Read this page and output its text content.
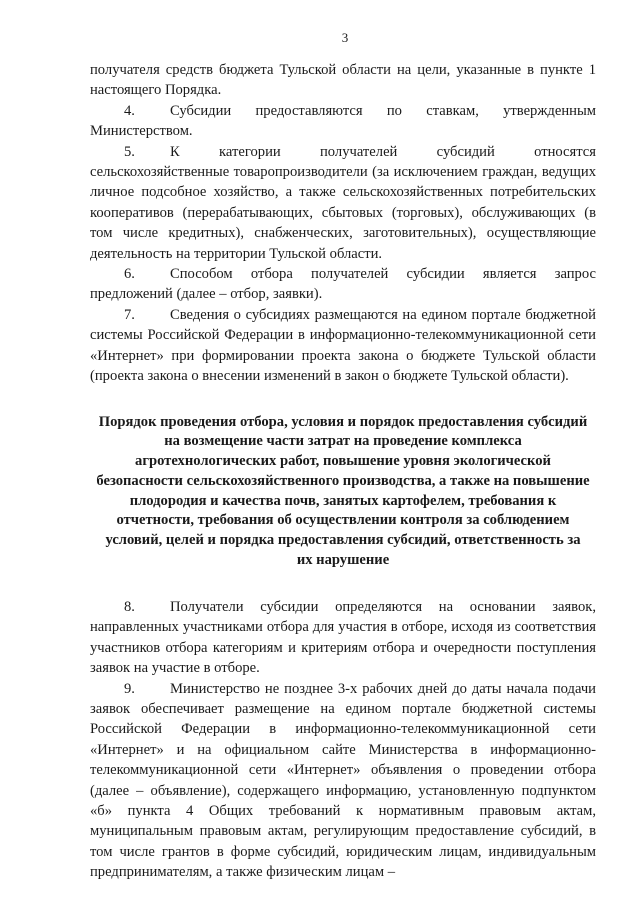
3

получателя средств бюджета Тульской области на цели, указанные в пункте 1 настоящего Порядка.

4. Субсидии предоставляются по ставкам, утвержденным Министерством.

5. К категории получателей субсидий относятся сельскохозяйственные товаропроизводители (за исключением граждан, ведущих личное подсобное хозяйство, а также сельскохозяйственных потребительских кооперативов (перерабатывающих, сбытовых (торговых), обслуживающих (в том числе кредитных), снабженческих, заготовительных), осуществляющие деятельность на территории Тульской области.

6. Способом отбора получателей субсидии является запрос предложений (далее – отбор, заявки).

7. Сведения о субсидиях размещаются на едином портале бюджетной системы Российской Федерации в информационно-телекоммуникационной сети «Интернет» при формировании проекта закона о бюджете Тульской области (проекта закона о внесении изменений в закон о бюджете Тульской области).

Порядок проведения отбора, условия и порядок предоставления субсидий на возмещение части затрат на проведение комплекса агротехнологических работ, повышение уровня экологической безопасности сельскохозяйственного производства, а также на повышение плодородия и качества почв, занятых картофелем, требования к отчетности, требования об осуществлении контроля за соблюдением условий, целей и порядка предоставления субсидий, ответственность за их нарушение

8. Получатели субсидии определяются на основании заявок, направленных участниками отбора для участия в отборе, исходя из соответствия участников отбора категориям и критериям отбора и очередности поступления заявок на участие в отборе.

9. Министерство не позднее 3-х рабочих дней до даты начала подачи заявок обеспечивает размещение на едином портале бюджетной системы Российской Федерации в информационно-телекоммуникационной сети «Интернет» и на официальном сайте Министерства в информационно-телекоммуникационной сети «Интернет» объявления о проведении отбора (далее – объявление), содержащего информацию, установленную подпунктом «б» пункта 4 Общих требований к нормативным правовым актам, муниципальным правовым актам, регулирующим предоставление субсидий, в том числе грантов в форме субсидий, юридическим лицам, индивидуальным предпринимателям, а также физическим лицам –
